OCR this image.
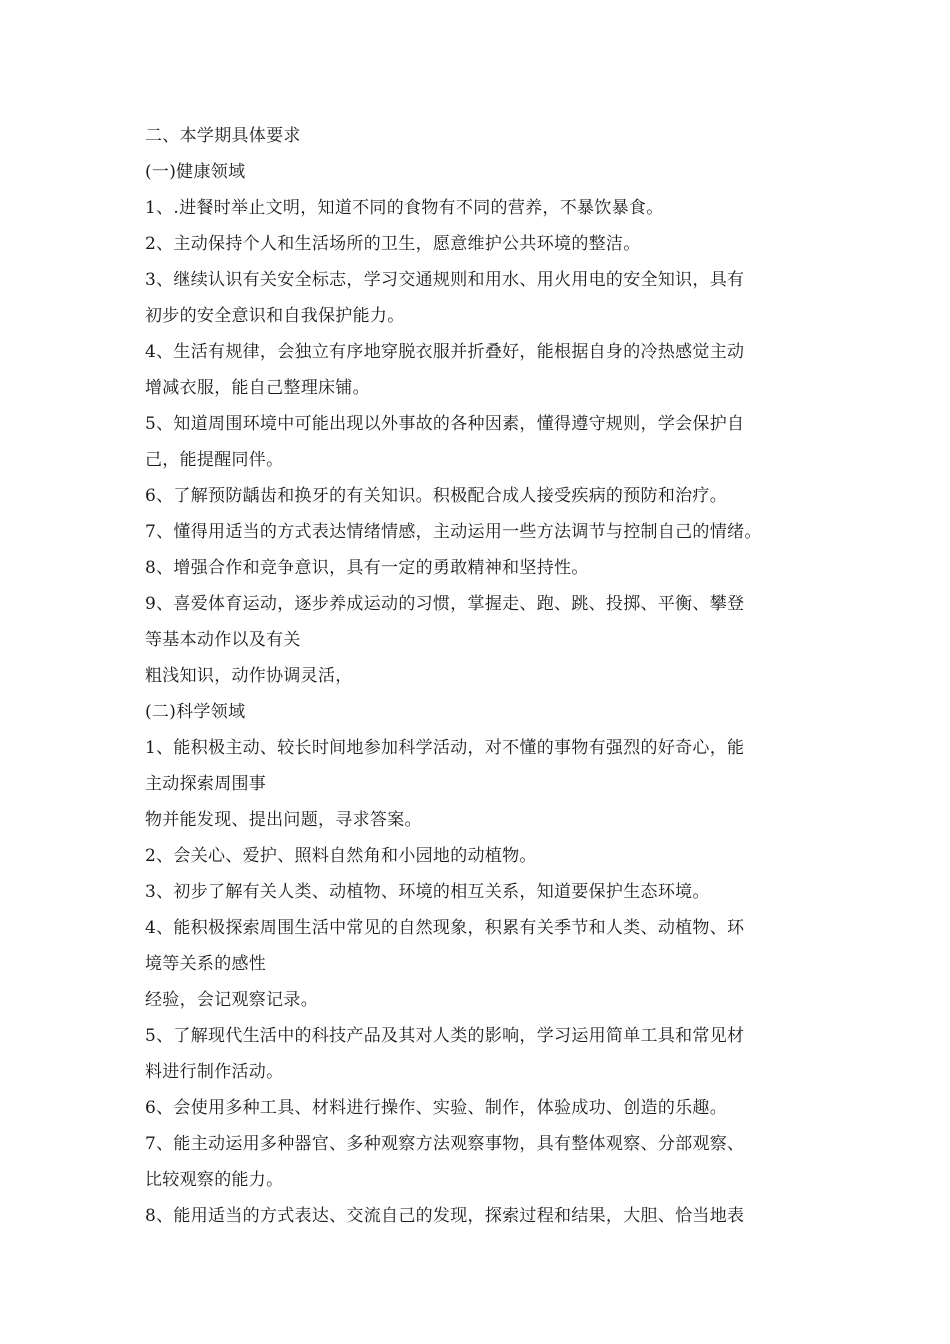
二、本学期具体要求
(一)健康领域
1、.进餐时举止文明，知道不同的食物有不同的营养，不暴饮暴食。
2、主动保持个人和生活场所的卫生，愿意维护公共环境的整洁。
3、继续认识有关安全标志，学习交通规则和用水、用火用电的安全知识，具有
初步的安全意识和自我保护能力。
4、生活有规律，会独立有序地穿脱衣服并折叠好，能根据自身的冷热感觉主动
增减衣服，能自己整理床铺。
5、知道周围环境中可能出现以外事故的各种因素，懂得遵守规则，学会保护自
己，能提醒同伴。
6、了解预防龋齿和换牙的有关知识。积极配合成人接受疾病的预防和治疗。
7、懂得用适当的方式表达情绪情感，主动运用一些方法调节与控制自己的情绪。
8、增强合作和竞争意识，具有一定的勇敢精神和坚持性。
9、喜爱体育运动，逐步养成运动的习惯，掌握走、跑、跳、投掷、平衡、攀登
等基本动作以及有关
粗浅知识，动作协调灵活，
(二)科学领域
1、能积极主动、较长时间地参加科学活动，对不懂的事物有强烈的好奇心，能
主动探索周围事
物并能发现、提出问题，寻求答案。
2、会关心、爱护、照料自然角和小园地的动植物。
3、初步了解有关人类、动植物、环境的相互关系，知道要保护生态环境。
4、能积极探索周围生活中常见的自然现象，积累有关季节和人类、动植物、环
境等关系的感性
经验，会记观察记录。
5、了解现代生活中的科技产品及其对人类的影响，学习运用简单工具和常见材
料进行制作活动。
6、会使用多种工具、材料进行操作、实验、制作，体验成功、创造的乐趣。
7、能主动运用多种器官、多种观察方法观察事物，具有整体观察、分部观察、
比较观察的能力。
8、能用适当的方式表达、交流自己的发现，探索过程和结果，大胆、恰当地表
